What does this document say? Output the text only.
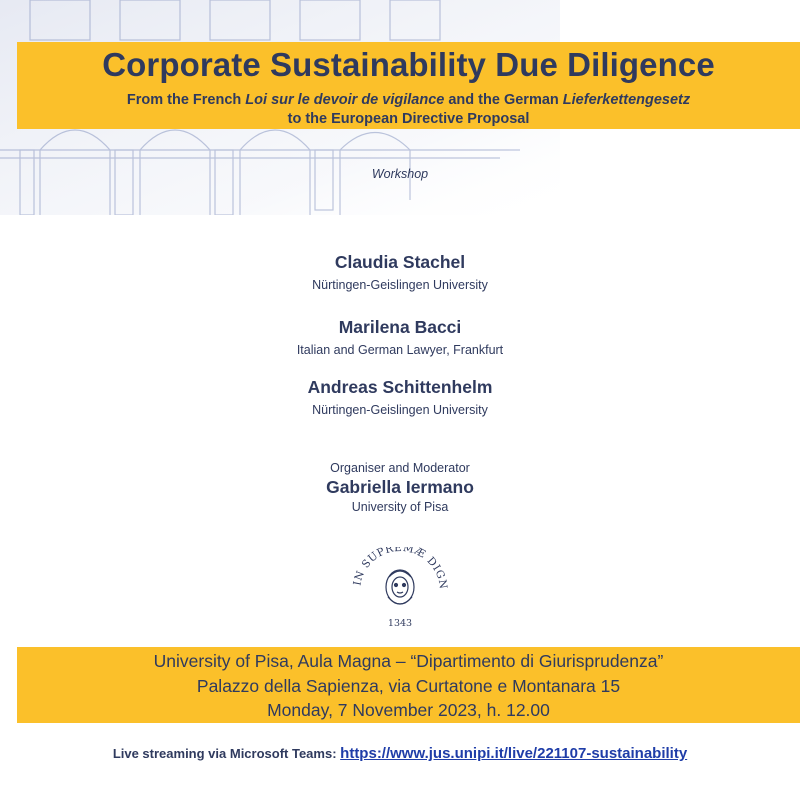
Corporate Sustainability Due Diligence
From the French Loi sur le devoir de vigilance and the German Lieferkettengesetz
to the European Directive Proposal
Workshop
Claudia Stachel
Nürtingen-Geislingen University
Marilena Bacci
Italian and German Lawyer, Frankfurt
Andreas Schittenhelm
Nürtingen-Geislingen University
Organiser and Moderator
Gabriella Iermano
University of Pisa
IN SUPREMÆ DIGN
1343
University of Pisa, Aula Magna – “Dipartimento di Giurisprudenza”
Palazzo della Sapienza, via Curtatone e Montanara 15
Monday, 7 November 2023, h. 12.00
Live streaming via Microsoft Teams: https://www.jus.unipi.it/live/221107-sustainability
